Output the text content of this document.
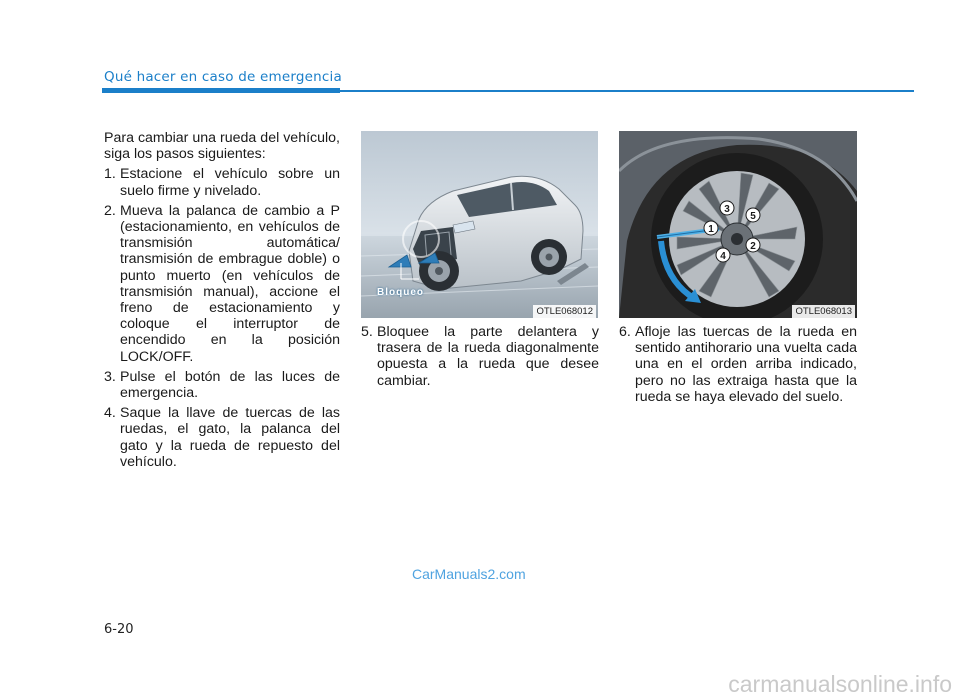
Qué hacer en caso de emergencia

Para cambiar una rueda del vehículo, siga los pasos siguientes:

1. Estacione el vehículo sobre un suelo firme y nivelado.
2. Mueva la palanca de cambio a P (estacionamiento, en vehículos de transmisión automática/ transmisión de embrague doble) o punto muerto (en vehículos de transmisión manual), accione el freno de estacionamiento y coloque el interruptor de encendido en la posición LOCK/OFF.
3. Pulse el botón de las luces de emergencia.
4. Saque la llave de tuercas de las ruedas, el gato, la palanca del gato y la rueda de repuesto del vehículo.
Bloqueo
OTLE068012
5. Bloquee la parte delantera y trasera de la rueda diagonalmente opuesta a la rueda que desee cambiar.
1
2
3
4
5
OTLE068013
6. Afloje las tuercas de la rueda en sentido antihorario una vuelta cada una en el orden arriba indicado, pero no las extraiga hasta que la rueda se haya elevado del suelo.
CarManuals2.com
6-20
carmanualsonline.info
